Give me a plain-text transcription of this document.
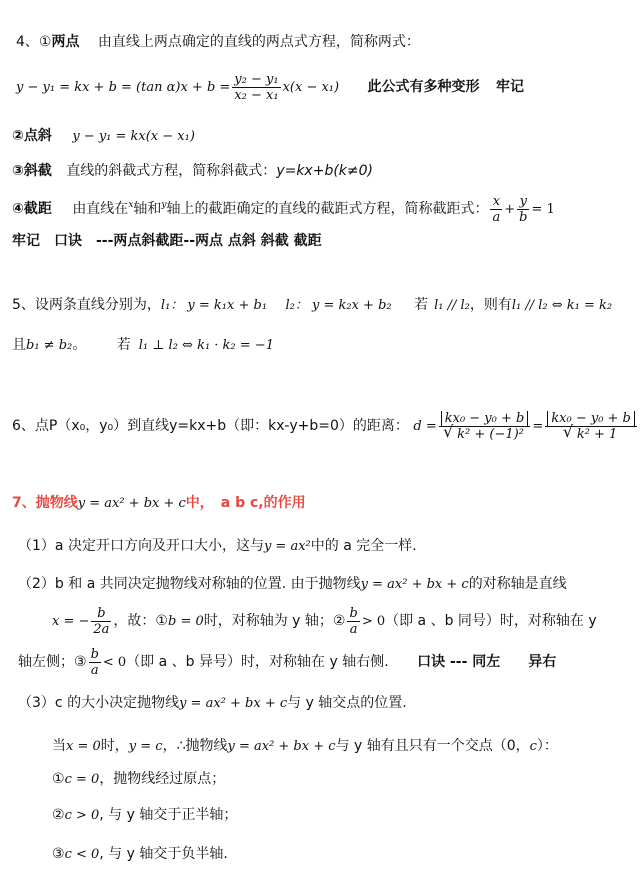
4、①两点 由直线上两点确定的直线的两点式方程，简称两式：
y − y₁ = kx + b = (tan $\alpha)x + b = \frac{\text{y₂ − y₁}}{\text{x₂ − x₁}} x(x - x_1)$ 此公式有多种变形 牢记
②点斜 y − y₁ = kx(x − x₁)
③斜截 直线的斜截式方程，简称斜截式：y=kx+b(k≠0)
④截距 由直线在$^x$轴和$^y$轴上的截距确定的直线的截距式方程，简称截距式： $\frac{x}{a} + \frac{y}{b} = 1$
牢记　口诀　---两点斜截距--两点 点斜 斜截 截距
5、设两条直线分别为，l₁： y = k₁x + b₁ l₂： y = k₂x + b₂ 若 l₁ // l₂，则有l₁ // l₂ ⇔ k₁ = k₂
且b₁ ≠ b₂。 若 l₁ ⊥ l₂ ⇔ k₁ · k₂ = −1
6、点P（x₀，y₀）到直线y=kx+b（即：kx-y+b=0）的距离： $d = \frac{\text{kx₀ − y₀ + b}}{\text{√ k² + (−1)²}} = \frac{\text{kx₀ − y₀ + b}}{\text{√ k² + 1}}$
7、抛物线y = ax² + bx + c中，　a b c,的作用
（1）a 决定开口方向及开口大小，这与y = ax²中的 a 完全一样.
（2）b 和 a 共同决定抛物线对称轴的位置. 由于抛物线y = ax² + bx + c的对称轴是直线
x = − $\frac{b}{2a}$ ，故：①b = 0时，对称轴为 y 轴；② $\frac{b}{a} > 0$（即 a 、b 同号）时，对称轴在 y
轴左侧；③ $\frac{b}{a} < 0$（即 a 、b 异号）时，对称轴在 y 轴右侧. 口诀 --- 同左　　异右
（3）c 的大小决定抛物线y = ax² + bx + c与 y 轴交点的位置.
当x = 0时，y = c，∴抛物线y = ax² + bx + c与 y 轴有且只有一个交点（0，c）：
①c = 0，抛物线经过原点；
②c > 0, 与 y 轴交于正半轴；
③c < 0, 与 y 轴交于负半轴.
